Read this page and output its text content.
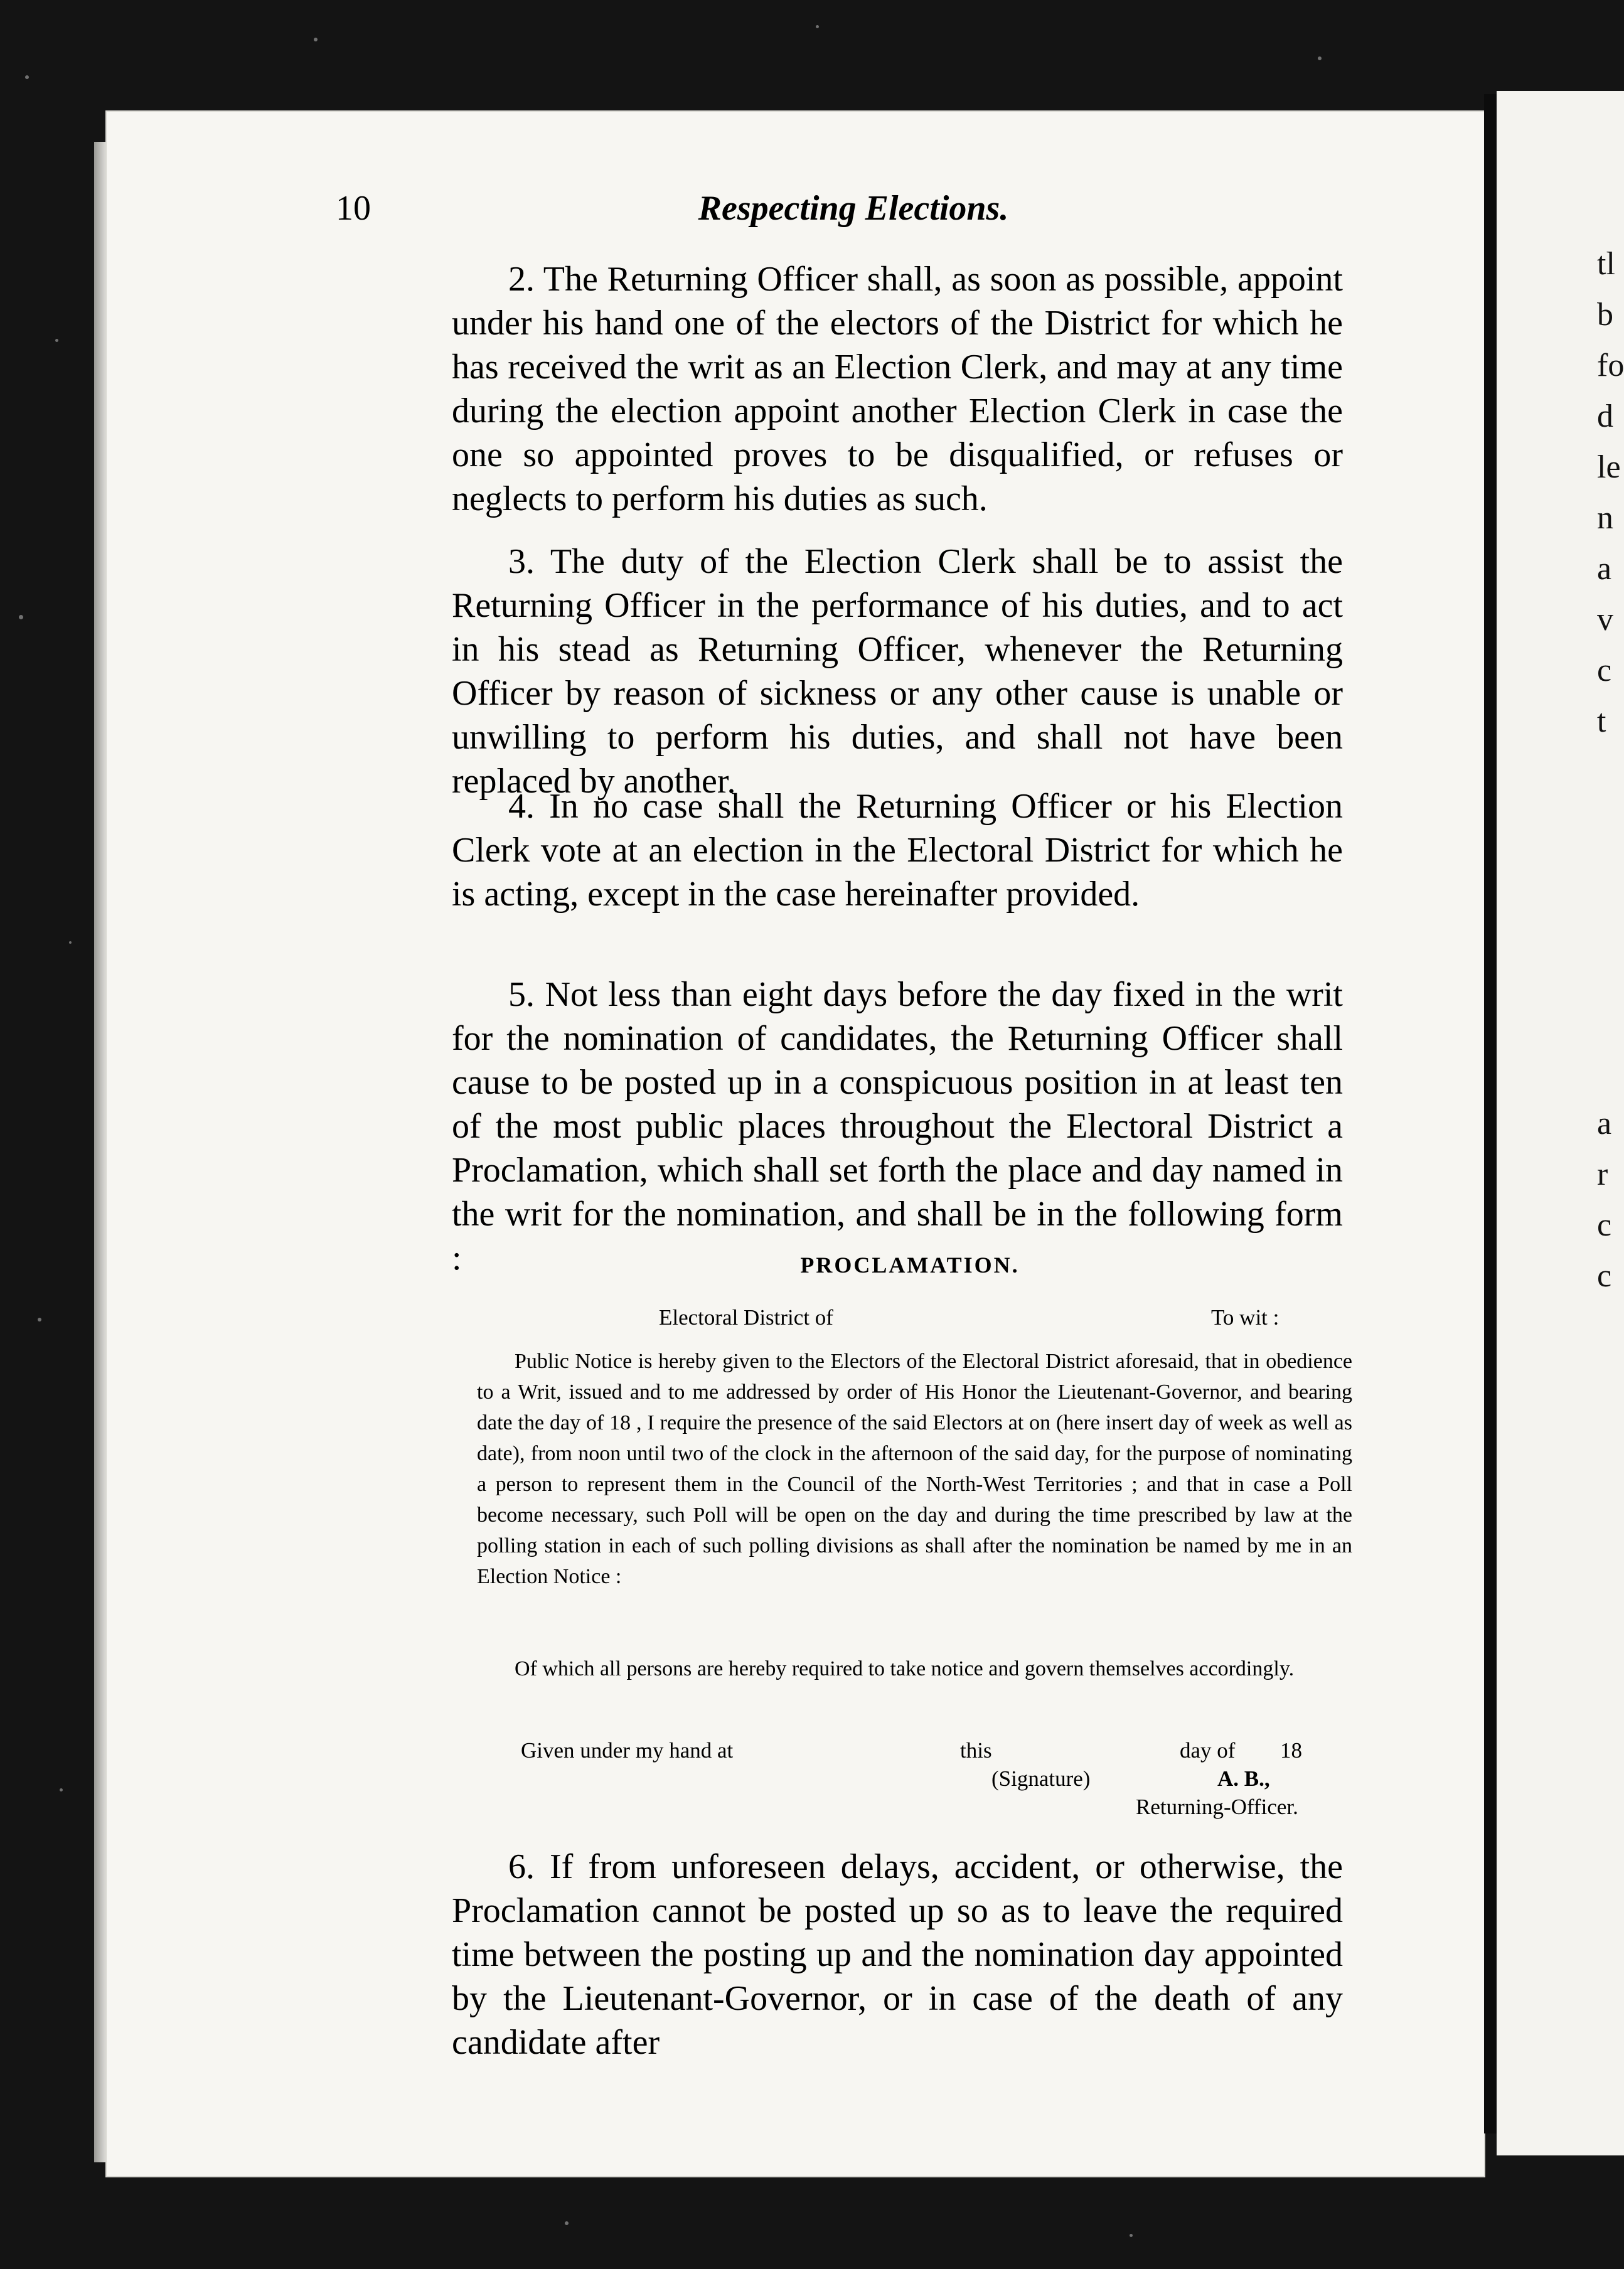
tl
b
fo
d
le
n
a
v
c
t
a
r
c
c
10	Respecting Elections.

2. The Returning Officer shall, as soon as possible, appoint under his hand one of the electors of the District for which he has received the writ as an Election Clerk, and may at any time during the election appoint another Election Clerk in case the one so appointed proves to be disqualified, or refuses or neglects to perform his duties as such.

3. The duty of the Election Clerk shall be to assist the Returning Officer in the performance of his duties, and to act in his stead as Returning Officer, whenever the Returning Officer by reason of sickness or any other cause is unable or unwilling to perform his duties, and shall not have been replaced by another.

4. In no case shall the Returning Officer or his Election Clerk vote at an election in the Electoral District for which he is acting, except in the case hereinafter provided.

5. Not less than eight days before the day fixed in the writ for the nomination of candidates, the Returning Officer shall cause to be posted up in a conspicuous position in at least ten of the most public places throughout the Electoral District a Proclamation, which shall set forth the place and day named in the writ for the nomination, and shall be in the following form :	PROCLAMATION.
Electoral District of	To wit :

Public Notice is hereby given to the Electors of the Electoral District aforesaid, that in obedience to a Writ, issued and to me addressed by order of His Honor the Lieutenant-Governor, and bearing date the day of 18 , I require the presence of the said Electors at on (here insert day of week as well as date), from noon until two of the clock in the afternoon of the said day, for the purpose of nominating a person to represent them in the Council of the North-West Territories ; and that in case a Poll become necessary, such Poll will be open on the day and during the time prescribed by law at the polling station in each of such polling divisions as shall after the nomination be named by me in an Election Notice :

Of which all persons are hereby required to take notice and govern themselves accordingly.

Given under my hand at	this	day of 18
(Signature)	A. B.,
Returning-Officer.

6. If from unforeseen delays, accident, or otherwise, the Proclamation cannot be posted up so as to leave the required time between the posting up and the nomination day appointed by the Lieutenant-Governor, or in case of the death of any candidate after
